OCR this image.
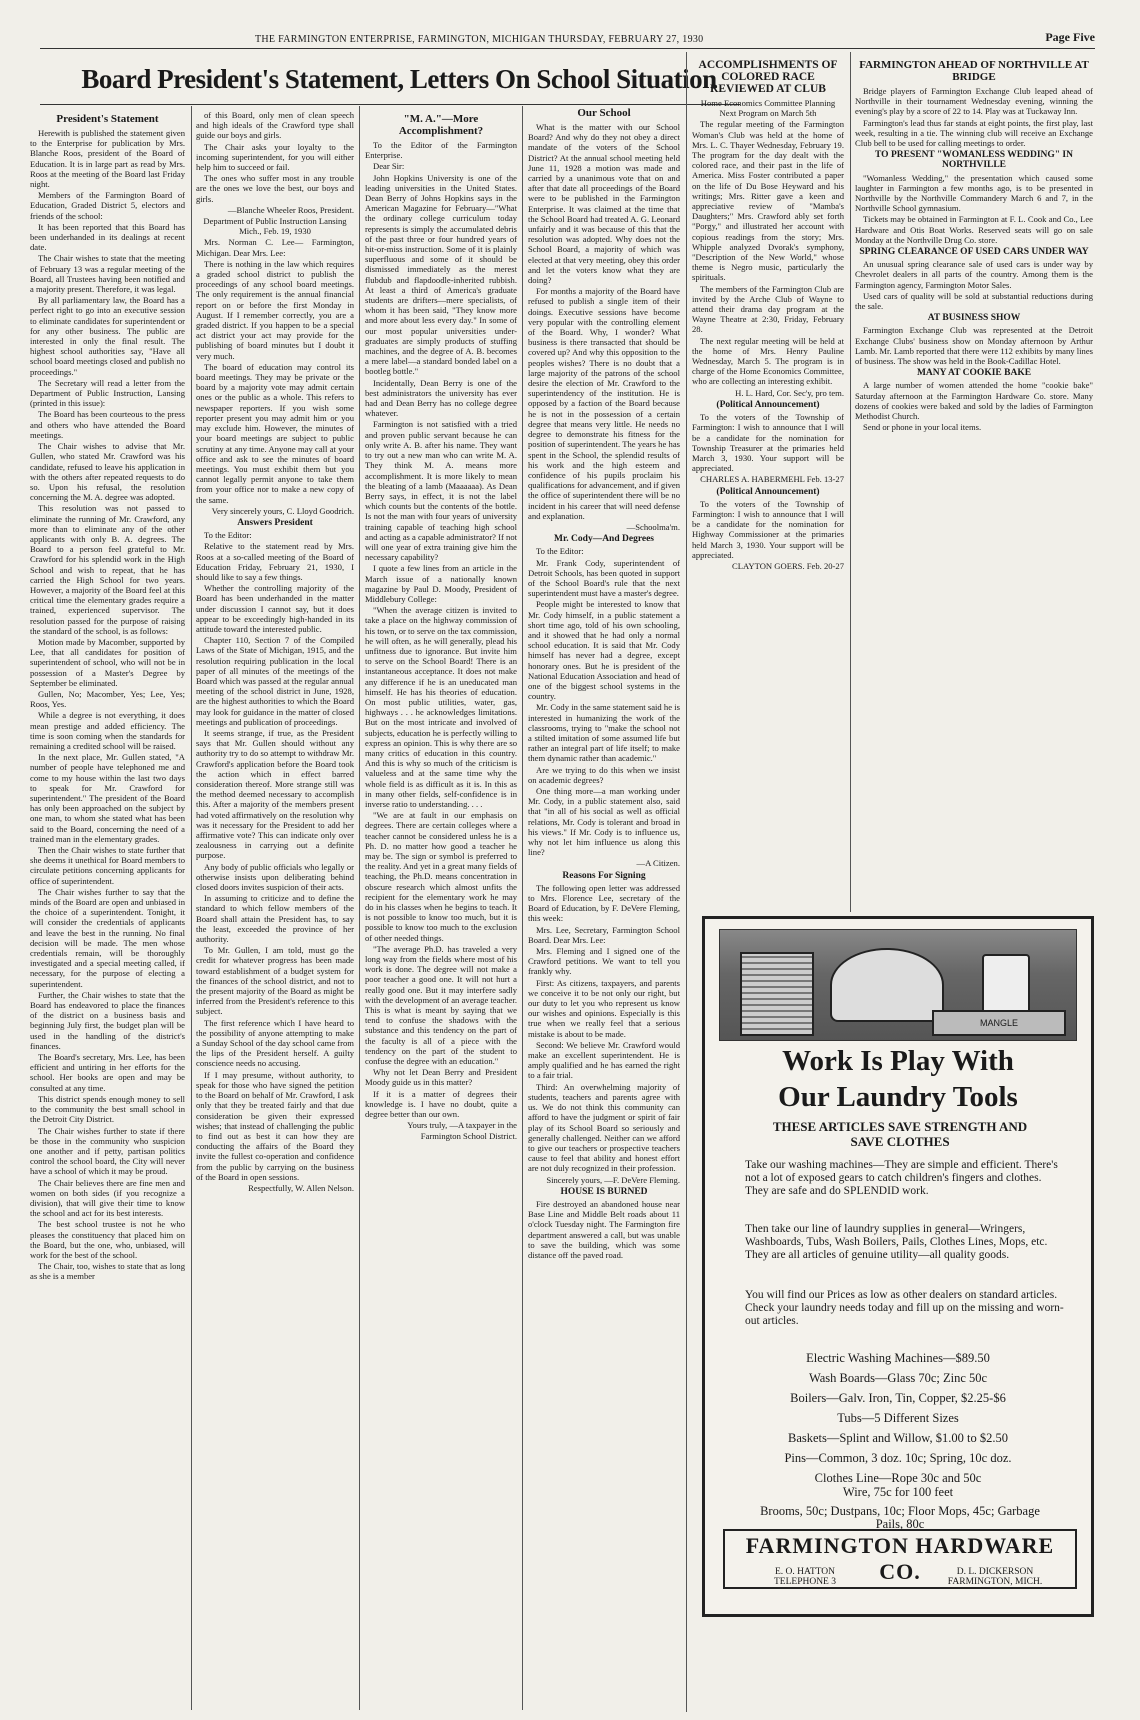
THE FARMINGTON ENTERPRISE, FARMINGTON, MICHIGAN THURSDAY, FEBRUARY 27, 1930	Page Five
Board President's Statement, Letters On School Situation
President's Statement

Herewith is published the statement given to the Enterprise for publication by Mrs. Blanche Roos, president of the Board of Education. It is in large part as read by Mrs. Roos at the meeting of the Board last Friday night.

Members of the Farmington Board of Education, Graded District 5, electors and friends of the school:

It has been reported that this Board has been underhanded in its dealings at recent date.

The Chair wishes to state that the meeting of February 13 was a regular meeting of the Board, all Trustees having been notified and a majority present. Therefore, it was legal.

By all parliamentary law, the Board has a perfect right to go into an executive session to eliminate candidates for superintendent or for any other business. The public are interested in only the final result. The highest school authorities say, "Have all school board meetings closed and publish no proceedings."

The Secretary will read a letter from the Department of Public Instruction, Lansing (printed in this issue):

The Board has been courteous to the press and others who have attended the Board meetings.

The Chair wishes to advise that Mr. Gullen, who stated Mr. Crawford was his candidate, refused to leave his application in with the others after repeated requests to do so. Upon his refusal, the resolution concerning the M. A. degree was adopted.

This resolution was not passed to eliminate the running of Mr. Crawford, any more than to eliminate any of the other applicants with only B. A. degrees. The Board to a person feel grateful to Mr. Crawford for his splendid work in the High School and wish to repeat, that he has carried the High School for two years. However, a majority of the Board feel at this critical time the elementary grades require a trained, experienced supervisor. The resolution passed for the purpose of raising the standard of the school, is as follows:

Motion made by Macomber, supported by Lee, that all candidates for position of superintendent of school, who will not be in possession of a Master's Degree by September be eliminated.

Gullen, No; Macomber, Yes; Lee, Yes; Roos, Yes.

While a degree is not everything, it does mean prestige and added efficiency. The time is soon coming when the standards for remaining a credited school will be raised.

In the next place, Mr. Gullen stated, "A number of people have telephoned me and come to my house within the last two days to speak for Mr. Crawford for superintendent." The president of the Board has only been approached on the subject by one man, to whom she stated what has been said to the Board, concerning the need of a trained man in the elementary grades.

Then the Chair wishes to state further that she deems it unethical for Board members to circulate petitions concerning applicants for office of superintendent.

The Chair wishes further to say that the minds of the Board are open and unbiased in the choice of a superintendent. Tonight, it will consider the credentials of applicants and leave the best in the running. No final decision will be made. The men whose credentials remain, will be thoroughly investigated and a special meeting called, if necessary, for the purpose of electing a superintendent.

Further, the Chair wishes to state that the Board has endeavored to place the finances of the district on a business basis and beginning July first, the budget plan will be used in the handling of the district's finances.

The Board's secretary, Mrs. Lee, has been efficient and untiring in her efforts for the school. Her books are open and may be consulted at any time.

This district spends enough money to sell to the community the best small school in the Detroit City District.

The Chair wishes further to state if there be those in the community who suspicion one another and if petty, partisan politics control the school board, the City will never have a school of which it may be proud.

The Chair believes there are fine men and women on both sides (if you recognize a division), that will give their time to know the school and act for its best interests.

The best school trustee is not he who pleases the constituency that placed him on the Board, but the one, who, unbiased, will work for the best of the school.

The Chair, too, wishes to state that as long as she is a member

of this Board, only men of clean speech and high ideals of the Crawford type shall guide our boys and girls.

The Chair asks your loyalty to the incoming superintendent, for you will either help him to succeed or fail.

The ones who suffer most in any trouble are the ones we love the best, our boys and girls.

—Blanche Wheeler Roos, President.

Department of Public Instruction Lansing Mich., Feb. 19, 1930

Mrs. Norman C. Lee— Farmington, Michigan. Dear Mrs. Lee:

There is nothing in the law which requires a graded school district to publish the proceedings of any school board meetings. The only requirement is the annual financial report on or before the first Monday in August. If I remember correctly, you are a graded district. If you happen to be a special act district your act may provide for the publishing of board minutes but I doubt it very much.

The board of education may control its board meetings. They may be private or the board by a majority vote may admit certain ones or the public as a whole. This refers to newspaper reporters. If you wish some reporter present you may admit him or you may exclude him. However, the minutes of your board meetings are subject to public scrutiny at any time. Anyone may call at your office and ask to see the minutes of board meetings. You must exhibit them but you cannot legally permit anyone to take them from your office nor to make a new copy of the same.

Very sincerely yours, C. Lloyd Goodrich.

Answers President

To the Editor:

Relative to the statement read by Mrs. Roos at a so-called meeting of the Board of Education Friday, February 21, 1930, I should like to say a few things.

Whether the controlling majority of the Board has been underhanded in the matter under discussion I cannot say, but it does appear to be exceedingly high-handed in its attitude toward the interested public.

Chapter 110, Section 7 of the Compiled Laws of the State of Michigan, 1915, and the resolution requiring publication in the local paper of all minutes of the meetings of the Board which was passed at the regular annual meeting of the school district in June, 1928, are the highest authorities to which the Board may look for guidance in the matter of closed meetings and publication of proceedings.

It seems strange, if true, as the President says that Mr. Gullen should without any authority try to do so attempt to withdraw Mr. Crawford's application before the Board took the action which in effect barred consideration thereof. More strange still was the method deemed necessary to accomplish this. After a majority of the members present had voted affirmatively on the resolution why was it necessary for the President to add her affirmative vote? This can indicate only over zealousness in carrying out a definite purpose.

Any body of public officials who legally or otherwise insists upon deliberating behind closed doors invites suspicion of their acts.

In assuming to criticize and to define the standard to which fellow members of the Board shall attain the President has, to say the least, exceeded the province of her authority.

To Mr. Gullen, I am told, must go the credit for whatever progress has been made toward establishment of a budget system for the finances of the school district, and not to the present majority of the Board as might be inferred from the President's reference to this subject.

The first reference which I have heard to the possibility of anyone attempting to make a Sunday School of the day school came from the lips of the President herself. A guilty conscience needs no accusing.

If I may presume, without authority, to speak for those who have signed the petition to the Board on behalf of Mr. Crawford, I ask only that they be treated fairly and that due consideration be given their expressed wishes; that instead of challenging the public to find out as best it can how they are conducting the affairs of the Board they invite the fullest co-operation and confidence from the public by carrying on the business of the Board in open sessions.

Respectfully, W. Allen Nelson.

"M. A."—More Accomplishment?

To the Editor of the Farmington Enterprise.

Dear Sir:

John Hopkins University is one of the leading universities in the United States. Dean Berry of Johns Hopkins says in the American Magazine for February—"What the ordinary college curriculum today represents is simply the accumulated debris of the past three or four hundred years of hit-or-miss instruction. Some of it is plainly superfluous and some of it should be dismissed immediately as the merest flubdub and flapdoodle-inherited rubbish. At least a third of America's graduate students are drifters—mere specialists, of whom it has been said, "They know more and more about less every day." In some of our most popular universities under-graduates are simply products of stuffing machines, and the degree of A. B. becomes a mere label—a standard bonded label on a bootleg bottle."

Incidentally, Dean Berry is one of the best administrators the university has ever had and Dean Berry has no college degree whatever.

Farmington is not satisfied with a tried and proven public servant because he can only write A. B. after his name. They want to try out a new man who can write M. A. They think M. A. means more accomplishment. It is more likely to mean the bleating of a lamb (Maaaaaa). As Dean Berry says, in effect, it is not the label which counts but the contents of the bottle. Is not the man with four years of university training capable of teaching high school and acting as a capable administrator? If not will one year of extra training give him the necessary capability?

I quote a few lines from an article in the March issue of a nationally known magazine by Paul D. Moody, President of Middlebury College:

"When the average citizen is invited to take a place on the highway commission of his town, or to serve on the tax commission, he will often, as he will generally, plead his unfitness due to ignorance. But invite him to serve on the School Board! There is an instantaneous acceptance. It does not make any difference if he is an uneducated man himself. He has his theories of education. On most public utilities, water, gas, highways . . . he acknowledges limitations. But on the most intricate and involved of subjects, education he is perfectly willing to express an opinion. This is why there are so many critics of education in this country. And this is why so much of the criticism is valueless and at the same time why the whole field is as difficult as it is. In this as in many other fields, self-confidence is in inverse ratio to understanding. . . .

"We are at fault in our emphasis on degrees. There are certain colleges where a teacher cannot be considered unless he is a Ph. D. no matter how good a teacher he may be. The sign or symbol is preferred to the reality. And yet in a great many fields of teaching, the Ph.D. means concentration in obscure research which almost unfits the recipient for the elementary work he may do in his classes when he begins to teach. It is not possible to know too much, but it is possible to know too much to the exclusion of other needed things.

"The average Ph.D. has traveled a very long way from the fields where most of his work is done. The degree will not make a poor teacher a good one. It will not hurt a really good one. But it may interfere sadly with the development of an average teacher. This is what is meant by saying that we tend to confuse the shadows with the substance and this tendency on the part of the faculty is all of a piece with the tendency on the part of the student to confuse the degree with an education."

Why not let Dean Berry and President Moody guide us in this matter?

If it is a matter of degrees their knowledge is. I have no doubt, quite a degree better than our own.

Yours truly, —A taxpayer in the Farmington School District.

Our School

What is the matter with our School Board? And why do they not obey a direct mandate of the voters of the School District? At the annual school meeting held June 11, 1928 a motion was made and carried by a unanimous vote that on and after that date all proceedings of the Board were to be published in the Farmington Enterprise. It was claimed at the time that the School Board had treated A. G. Leonard unfairly and it was because of this that the resolution was adopted. Why does not the School Board, a majority of which was elected at that very meeting, obey this order and let the voters know what they are doing?

For months a majority of the Board have refused to publish a single item of their doings. Executive sessions have become very popular with the controlling element of the Board. Why, I wonder? What business is there transacted that should be covered up? And why this opposition to the peoples wishes? There is no doubt that a large majority of the patrons of the school desire the election of Mr. Crawford to the superintendency of the institution. He is opposed by a faction of the Board because he is not in the possession of a certain degree that means very little. He needs no degree to demonstrate his fitness for the position of superintendent. The years he has spent in the School, the splendid results of his work and the high esteem and confidence of his pupils proclaim his qualifications for advancement, and if given the office of superintendent there will be no incident in his career that will need defense and explanation.

—Schoolma'm.

Mr. Cody—And Degrees

To the Editor:

Mr. Frank Cody, superintendent of Detroit Schools, has been quoted in support of the School Board's rule that the next superintendent must have a master's degree.

People might be interested to know that Mr. Cody himself, in a public statement a short time ago, told of his own schooling, and it showed that he had only a normal school education. It is said that Mr. Cody himself has never had a degree, except honorary ones. But he is president of the National Education Association and head of one of the biggest school systems in the country.

Mr. Cody in the same statement said he is interested in humanizing the work of the classrooms, trying to "make the school not a stilted imitation of some assumed life but rather an integral part of life itself; to make them dynamic rather than academic."

Are we trying to do this when we insist on academic degrees?

One thing more—a man working under Mr. Cody, in a public statement also, said that "in all of his social as well as official relations, Mr. Cody is tolerant and broad in his views." If Mr. Cody is to influence us, why not let him influence us along this line?

—A Citizen.

Reasons For Signing

The following open letter was addressed to Mrs. Florence Lee, secretary of the Board of Education, by F. DeVere Fleming, this week:

Mrs. Lee, Secretary, Farmington School Board. Dear Mrs. Lee:

Mrs. Fleming and I signed one of the Crawford petitions. We want to tell you frankly why.

First: As citizens, taxpayers, and parents we conceive it to be not only our right, but our duty to let you who represent us know our wishes and opinions. Especially is this true when we really feel that a serious mistake is about to be made.

Second: We believe Mr. Crawford would make an excellent superintendent. He is amply qualified and he has earned the right to a fair trial.

Third: An overwhelming majority of students, teachers and parents agree with us. We do not think this community can afford to have the judgment or spirit of fair play of its School Board so seriously and generally challenged. Neither can we afford to give our teachers or prospective teachers cause to feel that ability and honest effort are not duly recognized in their profession.

Sincerely yours, —F. DeVere Fleming.

HOUSE IS BURNED

Fire destroyed an abandoned house near Base Line and Middle Belt roads about 11 o'clock Tuesday night. The Farmington fire department answered a call, but was unable to save the building, which was some distance off the paved road.

ACCOMPLISHMENTS OF COLORED RACE REVIEWED AT CLUB

Home Economics Committee Planning Next Program on March 5th

The regular meeting of the Farmington Woman's Club was held at the home of Mrs. L. C. Thayer Wednesday, February 19. The program for the day dealt with the colored race, and their past in the life of America. Miss Foster contributed a paper on the life of Du Bose Heyward and his writings; Mrs. Ritter gave a keen and appreciative review of "Mamba's Daughters;" Mrs. Crawford ably set forth "Porgy," and illustrated her account with copious readings from the story; Mrs. Whipple analyzed Dvorak's symphony, "Description of the New World," whose theme is Negro music, particularly the spirituals.

The members of the Farmington Club are invited by the Arche Club of Wayne to attend their drama day program at the Wayne Theatre at 2:30, Friday, February 28.

The next regular meeting will be held at the home of Mrs. Henry Pauline Wednesday, March 5. The program is in charge of the Home Economics Committee, who are collecting an interesting exhibit.

H. L. Hard, Cor. Sec'y, pro tem.

(Political Announcement)

To the voters of the Township of Farmington: I wish to announce that I will be a candidate for the nomination for Township Treasurer at the primaries held March 3, 1930. Your support will be appreciated.

CHARLES A. HABERMEHL Feb. 13-27

(Political Announcement)

To the voters of the Township of Farmington: I wish to announce that I will be a candidate for the nomination for Highway Commissioner at the primaries held March 3, 1930. Your support will be appreciated.

CLAYTON GOERS. Feb. 20-27

FARMINGTON AHEAD OF NORTHVILLE AT BRIDGE

Bridge players of Farmington Exchange Club leaped ahead of Northville in their tournament Wednesday evening, winning the evening's play by a score of 22 to 14. Play was at Tuckaway Inn.

Farmington's lead thus far stands at eight points, the first play, last week, resulting in a tie. The winning club will receive an Exchange Club bell to be used for calling meetings to order.

TO PRESENT "WOMANLESS WEDDING" IN NORTHVILLE

"Womanless Wedding," the presentation which caused some laughter in Farmington a few months ago, is to be presented in Northville by the Northville Commandery March 6 and 7, in the Northville School gymnasium.

Tickets may be obtained in Farmington at F. L. Cook and Co., Lee Hardware and Otis Boat Works. Reserved seats will go on sale Monday at the Northville Drug Co. store.

SPRING CLEARANCE OF USED CARS UNDER WAY

An unusual spring clearance sale of used cars is under way by Chevrolet dealers in all parts of the country. Among them is the Farmington agency, Farmington Motor Sales.

Used cars of quality will be sold at substantial reductions during the sale.

AT BUSINESS SHOW

Farmington Exchange Club was represented at the Detroit Exchange Clubs' business show on Monday afternoon by Arthur Lamb. Mr. Lamb reported that there were 112 exhibits by many lines of business. The show was held in the Book-Cadillac Hotel.

MANY AT COOKIE BAKE

A large number of women attended the home "cookie bake" Saturday afternoon at the Farmington Hardware Co. store. Many dozens of cookies were baked and sold by the ladies of Farmington Methodist Church.

Send or phone in your local items.

MANGLE
Work Is Play With
Our Laundry Tools
THESE ARTICLES SAVE STRENGTH AND SAVE CLOTHES
Take our washing machines—They are simple and efficient. There's not a lot of exposed gears to catch children's fingers and clothes. They are safe and do SPLENDID work.
Then take our line of laundry supplies in general—Wringers, Washboards, Tubs, Wash Boilers, Pails, Clothes Lines, Mops, etc. They are all articles of genuine utility—all quality goods.
You will find our Prices as low as other dealers on standard articles. Check your laundry needs today and fill up on the missing and worn-out articles.
Electric Washing Machines—$89.50
Wash Boards—Glass 70c; Zinc 50c
Boilers—Galv. Iron, Tin, Copper, $2.25-$6
Tubs—5 Different Sizes
Baskets—Splint and Willow, $1.00 to $2.50
Pins—Common, 3 doz. 10c; Spring, 10c doz.
Clothes Line—Rope 30c and 50c
Wire, 75c for 100 feet
Brooms, 50c; Dustpans, 10c; Floor Mops, 45c; Garbage Pails, 80c
FARMINGTON HARDWARE CO.
E. O. HATTON
TELEPHONE 3
D. L. DICKERSON
FARMINGTON, MICH.
